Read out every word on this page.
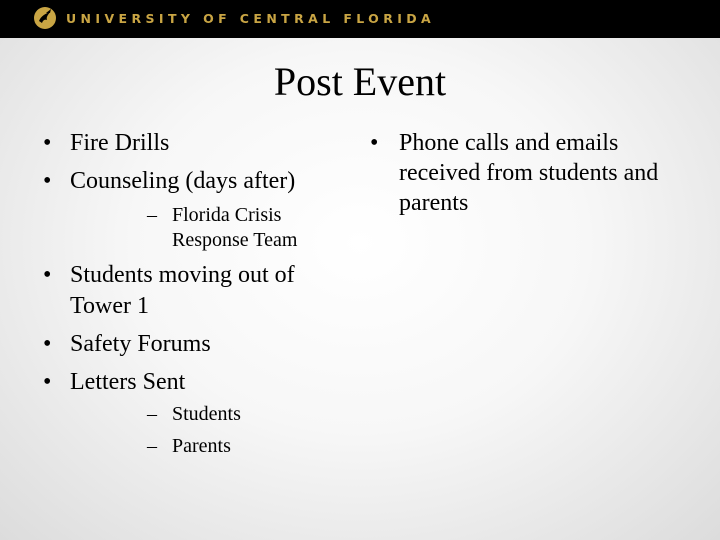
UNIVERSITY OF CENTRAL FLORIDA
Post Event
• Fire Drills
• Counseling (days after)
– Florida Crisis Response Team
• Students moving out of Tower 1
• Safety Forums
• Letters Sent
– Students
– Parents
• Phone calls and emails received from students and parents
